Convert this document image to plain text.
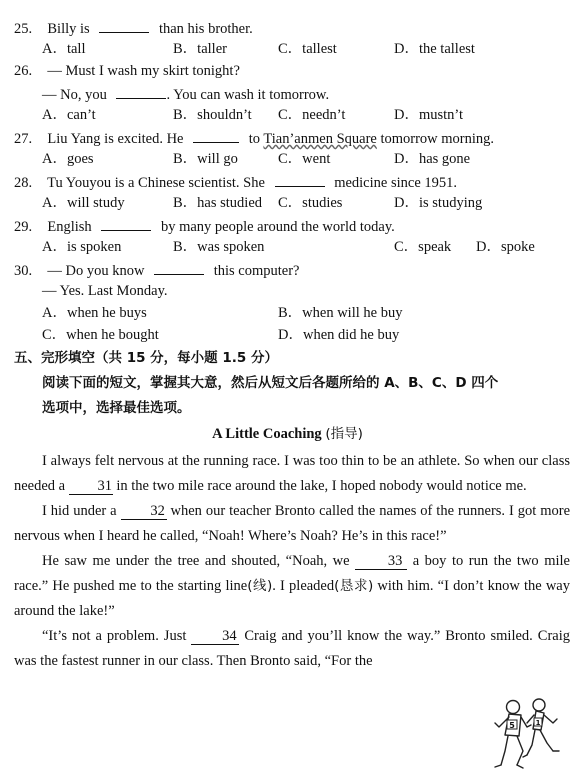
25. Billy is	than his brother.
A．tall	B．taller	C．tallest	D．the tallest
26. — Must I wash my skirt tonight?
— No, you	. You can wash it tomorrow.
A．can’t	B．shouldn’t C．needn’t	D．mustn’t
27. Liu Yang is excited. He	to Tian’anmen Square tomorrow morning.
A．goes	B．will go	C．went	D．has gone
28. Tu Youyou is a Chinese scientist. She	medicine since 1951.
A．will study	B．has studied C．studies	D．is studying
29. English	by many people around the world today.
A．is spoken	B．was spoken	C．speak D．spoke
30. — Do you know	this computer?
— Yes. Last Monday.
A．when he buys	B．when will he buy
C．when he bought	D．when did he buy
五、完形填空（共 15 分，每小题 1.5 分）
阅读下面的短文，掌握其大意，然后从短文后各题所给的 A、B、C、D 四个
选项中，选择最佳选项。
A Little Coaching (指导)

I always felt nervous at the running race. I was too thin to be an athlete. So when our class needed a 31 in the two mile race around the lake, I hoped nobody would notice me.

I hid under a 32 when our teacher Bronto called the names of the runners. I got more nervous when I heard he called, “Noah! Where’s Noah? He’s in this race!”

He saw me under the tree and shouted, “Noah, we	33 a boy to run the two mile race.” He pushed me to the starting line(线). I pleaded(恳求) with him. “I don’t know the way around the lake!”

“It’s not a problem. Just 34 Craig and you’ll know the way.” Bronto smiled. Craig was the fastest runner in our class. Then Bronto said, “For the

5	1
